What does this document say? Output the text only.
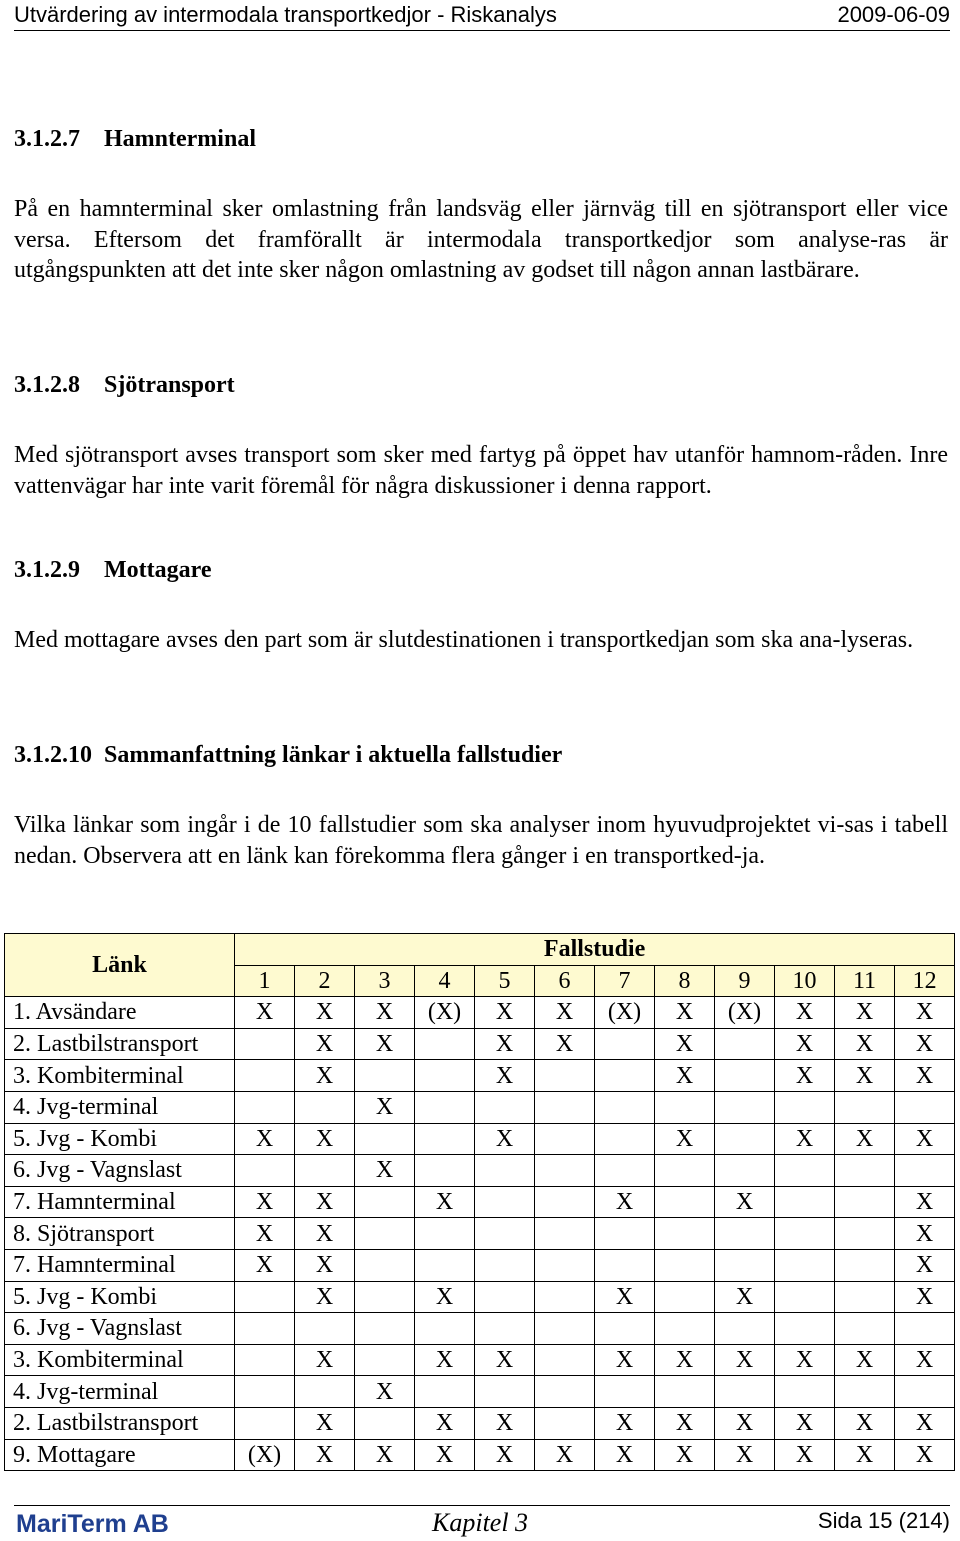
Utvärdering av intermodala transportkedjor - Riskanalys	2009-06-09
3.1.2.7 Hamnterminal

På en hamnterminal sker omlastning från landsväg eller järnväg till en sjötransport eller vice versa. Eftersom det framförallt är intermodala transportkedjor som analyse-ras är utgångspunkten att det inte sker någon omlastning av godset till någon annan lastbärare.

3.1.2.8 Sjötransport

Med sjötransport avses transport som sker med fartyg på öppet hav utanför hamnom-råden. Inre vattenvägar har inte varit föremål för några diskussioner i denna rapport.

3.1.2.9 Mottagare

Med mottagare avses den part som är slutdestinationen i transportkedjan som ska ana-lyseras.

3.1.2.10 Sammanfattning länkar i aktuella fallstudier

Vilka länkar som ingår i de 10 fallstudier som ska analyser inom hyuvudprojektet vi-sas i tabell nedan. Observera att en länk kan förekomma flera gånger i en transportked-ja.

Länk	Fallstudie											
	1	2	3	4	5	6	7	8	9	10	11	12
1. Avsändare	X	X	X	(X)	X	X	(X)	X	(X)	X	X	X
2. Lastbilstransport		X	X		X	X		X		X	X	X
3. Kombiterminal		X			X			X		X	X	X
4. Jvg-terminal			X									
5. Jvg - Kombi	X	X			X			X		X	X	X
6. Jvg - Vagnslast			X									
7. Hamnterminal	X	X		X			X		X			X
8. Sjötransport	X	X										X
7. Hamnterminal	X	X										X
5. Jvg - Kombi		X		X			X		X			X
6. Jvg - Vagnslast												
3. Kombiterminal		X		X	X		X	X	X	X	X	X
4. Jvg-terminal			X									
2. Lastbilstransport		X		X	X		X	X	X	X	X	X
9. Mottagare	(X)	X	X	X	X	X	X	X	X	X	X	X
MariTerm AB	Kapitel 3	Sida 15 (214)
